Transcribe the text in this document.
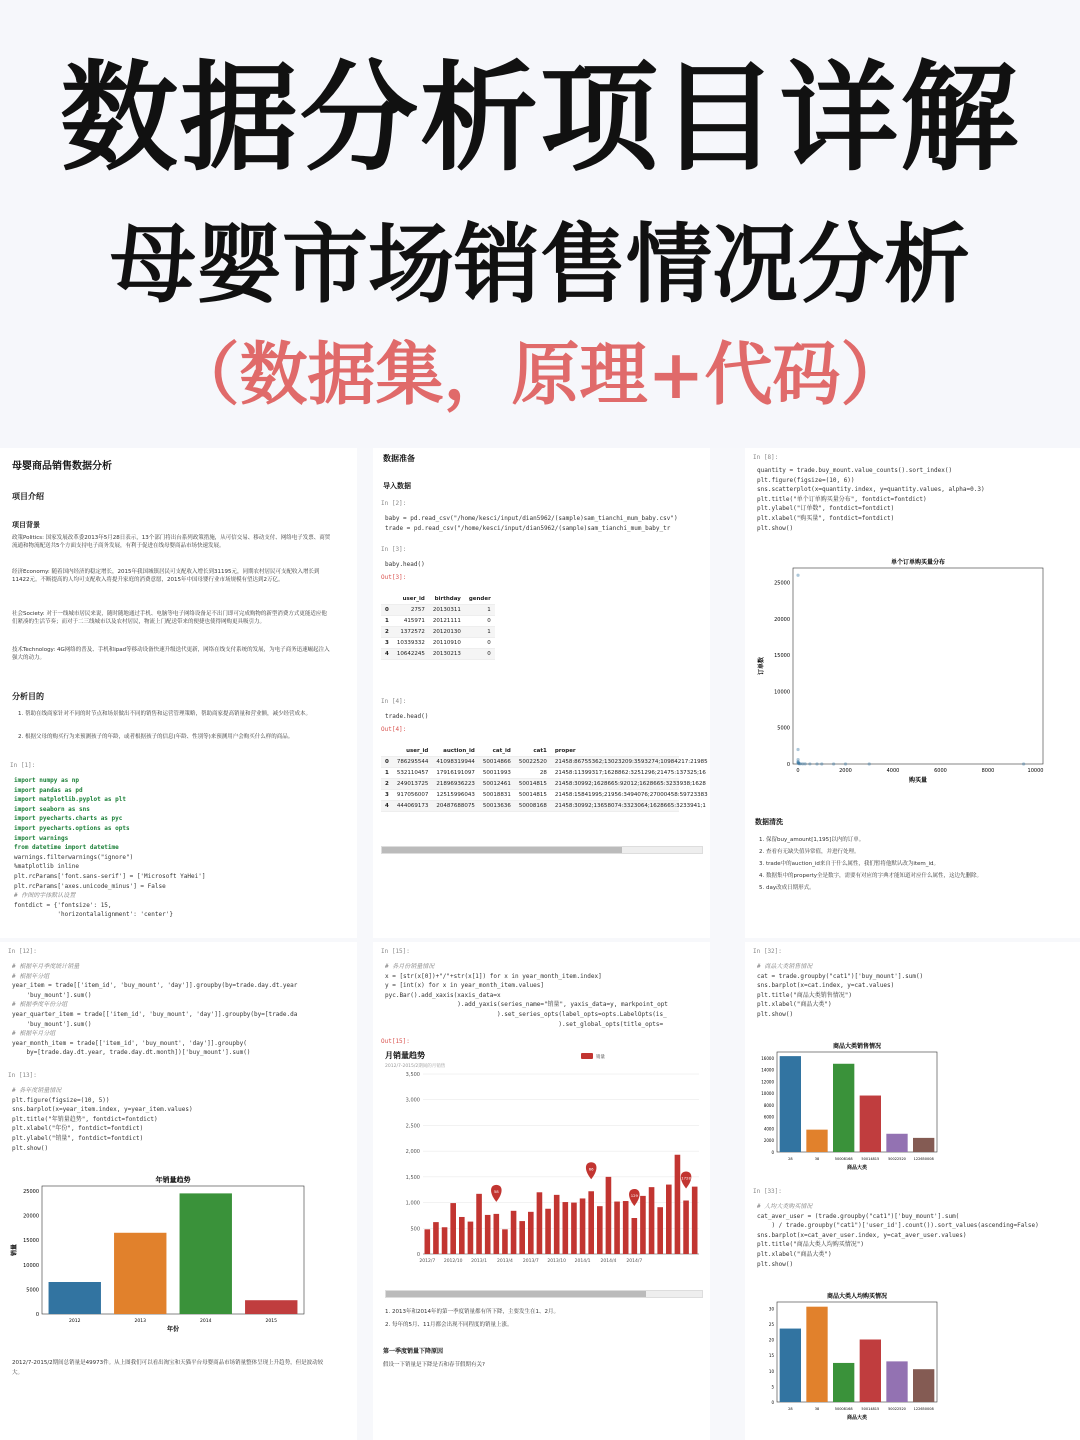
数据分析项目详解
母婴市场销售情况分析
（数据集，原理+代码）
母婴商品销售数据分析
项目介绍
项目背景
政策Politics: 国家发展改革委2013年5月28日表示，13个部门将出台系列政策措施，从可信交易、移动支付、网络电子发票、商贸流通和物流配送共5个方面支持电子商务发展，有利于促进在线母婴商品市场快速发展。
经济Economy: 随着国内经济的稳定增长，2015年我国城镇居民可支配收入增长到31195元，同期农村居民可支配收入增长到11422元。不断提高的人均可支配收入将提升家庭的消费意愿，2015年中国母婴行业市场规模有望达到2万亿。
社会Society: 对于一线城市居民来说，随时随地通过手机、电脑等电子网络设备足不出门即可完成购物的新型消费方式更能适应他们紧凑的生活节奏；而对于二三线城市以及农村居民，物流上门配送带来的便捷也使得网购更具吸引力。
技术Technology: 4G网络的普及、手机和ipad等移动设备快速升级迭代更新，网络在线支付系统的发展，为电子商务迅速崛起注入强大的动力。
分析目的
1. 帮助在线商家针对不同的时节点和场景做出不同的销售和运营管理策略，帮助商家提高销量和营业额，减少经营成本。
2. 根据父母的购买行为来预测孩子的年龄，或者根据孩子的信息(年龄、性别等)来预测用户会购买什么样的商品。
In [1]:
import numpy as np
import pandas as pd
import matplotlib.pyplot as plt
import seaborn as sns
import pyecharts.charts as pyc
import pyecharts.options as opts
import warnings
from datetime import datetime
warnings.filterwarnings("ignore")
%matplotlib inline
plt.rcParams['font.sans-serif'] = ['Microsoft YaHei']
plt.rcParams['axes.unicode_minus'] = False
# 作图的字体默认设置
fontdict = {'fontsize': 15,
'horizontalalignment': 'center'}
数据准备
导入数据
In [2]:
baby = pd.read_csv("/home/kesci/input/dian5962/(sample)sam_tianchi_mum_baby.csv")
trade = pd.read_csv("/home/kesci/input/dian5962/(sample)sam_tianchi_mum_baby_tr
In [3]:
baby.head()
Out[3]:
	user_id	birthday	gender
0	2757	20130311	1
1	415971	20121111	0
2	1372572	20120130	1
3	10339332	20110910	0
4	10642245	20130213	0
In [4]:
trade.head()
Out[4]:
	user_id	auction_id	cat_id	cat1	proper
0	786295544	41098319944	50014866	50022520	21458:86755362;13023209:3593274;10984217:21985
1	532110457	17916191097	50011993	28	21458:11399317;1628862:3251296;21475:137325;16
2	249013725	21896936223	50012461	50014815	21458:30992;1628665:92012;1628665:3233938;1628
3	917056007	12515996043	50018831	50014815	21458:15841995;21956:3494076;27000458:59723383
4	444069173	20487688075	50013636	50008168	21458:30992;13658074:3323064;1628665:3233941;1
In [8]:
quantity = trade.buy_mount.value_counts().sort_index()
plt.figure(figsize=(10, 6))
sns.scatterplot(x=quantity.index, y=quantity.values, alpha=0.3)
plt.title("单个订单购买量分布", fontdict=fontdict)
plt.ylabel("订单数", fontdict=fontdict)
plt.xlabel("购买量", fontdict=fontdict)
plt.show()
单个订单购买量分布
0
5000
10000
15000
20000
25000
0	2000	4000	6000	8000	10000
购买量
订单数
数据清洗
1. 保留buy_amount[1,195]以内的订单。
2. 查看有无缺失值异常值，并进行处理。
3. trade中的auction_id来自于什么属性，我们暂将他默认改为item_id。
4. 数据集中的property全是数字，需要有对应的字典才能知道对应什么属性，这边先删除。
5. day改成日期形式。
In [12]:
# 根据年月季度统计销量
# 根据年分组
year_item = trade[['item_id', 'buy_mount', 'day']].groupby(by=trade.day.dt.year
'buy_mount'].sum()
# 根据季度年份分组
year_quarter_item = trade[['item_id', 'buy_mount', 'day']].groupby(by=[trade.da
'buy_mount'].sum()
# 根据年月分组
year_month_item = trade[['item_id', 'buy_mount', 'day']].groupby(
by=[trade.day.dt.year, trade.day.dt.month])['buy_mount'].sum()
In [13]:
# 各年度销量情况
plt.figure(figsize=(10, 5))
sns.barplot(x=year_item.index, y=year_item.values)
plt.title("年销量趋势", fontdict=fontdict)
plt.xlabel("年份", fontdict=fontdict)
plt.ylabel("销量", fontdict=fontdict)
plt.show()
年销量趋势
0
5000
10000
15000
20000
25000
2012	2013	2014	2015
年份
销量
2012/7-2015/2期间总销量是49973件。从上图我们可以看出淘宝和天猫平台母婴商品市场销量整体呈现上升趋势，但是波动较大。
In [15]:
# 各月份销量情况
x = [str(x[0])+"/"+str(x[1]) for x in year_month_item.index]
y = [int(x) for x in year_month_item.values]
pyc.Bar().add_xaxis(xaxis_data=x
).add_yaxis(series_name="销量", yaxis_data=y, markpoint_opt
).set_series_opts(label_opts=opts.LabelOpts(is_
).set_global_opts(title_opts=
Out[15]:
月销量趋势
2012/7-2015/2期间的月销售
销量
0
500
1,000
1,500
2,000
2,500
3,000
3,500
2012/7 2012/10 2013/1 2013/4 2013/7 2013/10 2014/1 2014/4 2014/7
58
66
129
1728
1. 2013年和2014年的第一季度销量都有所下降，主要发生在1、2月。
2. 每年的5月、11月都会出现不同程度的销量上涨。
第一季度销量下降原因
假设一下销量是下降是否和春节假期有关?
In [32]:
# 商品大类销售情况
cat = trade.groupby("cat1")['buy_mount'].sum()
sns.barplot(x=cat.index, y=cat.values)
plt.title("商品大类销售情况")
plt.xlabel("商品大类")
plt.show()
商品大类销售情况
0
2000
4000
6000
8000
10000
12000
14000
16000
28	38	50008168	50014815	50022520 122650008
商品大类
In [33]:
# 人均大类购买情况
cat_aver_user = (trade.groupby("cat1")['buy_mount'].sum(
) / trade.groupby("cat1")['user_id'].count()).sort_values(ascending=False)
sns.barplot(x=cat_aver_user.index, y=cat_aver_user.values)
plt.title("商品大类人均购买情况")
plt.xlabel("商品大类")
plt.show()
商品大类人均购买情况
0
5
10
15
20
25
30
28	38	50008168	50014815	50022520 122650008
商品大类
